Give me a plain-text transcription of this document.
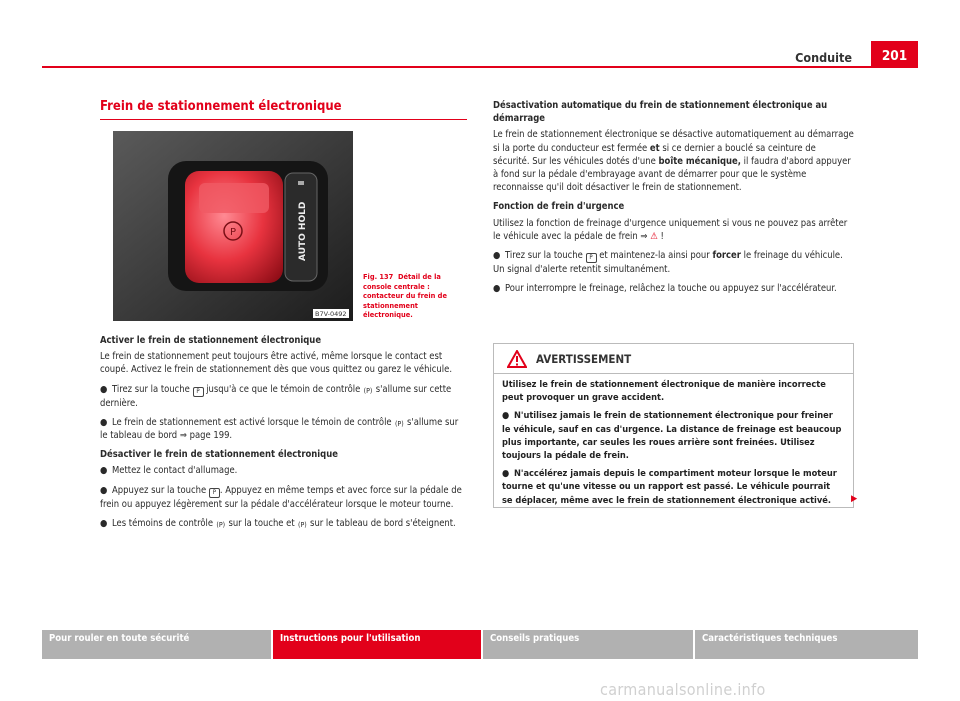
Conduite	201
Frein de stationnement électronique
P	AUTO HOLD
B7V-0492
Fig. 137 Détail de la console centrale : contacteur du frein de stationnement électronique.

Activer le frein de stationnement électronique

Le frein de stationnement peut toujours être activé, même lorsque le contact est coupé. Activez le frein de stationnement dès que vous quittez ou garez le véhicule.

● Tirez sur la touche P jusqu'à ce que le témoin de contrôle (P) s'allume sur cette dernière.

● Le frein de stationnement est activé lorsque le témoin de contrôle (P) s'allume sur le tableau de bord ⇒ page 199.

Désactiver le frein de stationnement électronique

● Mettez le contact d'allumage.

● Appuyez sur la touche P . Appuyez en même temps et avec force sur la pédale de frein ou appuyez légèrement sur la pédale d'accélérateur lorsque le moteur tourne.

● Les témoins de contrôle (P) sur la touche et (P) sur le tableau de bord s'éteignent.

Désactivation automatique du frein de stationnement électronique au démarrage

Le frein de stationnement électronique se désactive automatiquement au démarrage si la porte du conducteur est fermée et si ce dernier a bouclé sa ceinture de sécurité. Sur les véhicules dotés d'une boîte mécanique, il faudra d'abord appuyer à fond sur la pédale d'embrayage avant de démarrer pour que le système reconnaisse qu'il doit désactiver le frein de stationnement.

Fonction de frein d'urgence

Utilisez la fonction de freinage d'urgence uniquement si vous ne pouvez pas arrêter le véhicule avec la pédale de frein ⇒ ⚠ !

● Tirez sur la touche P et maintenez-la ainsi pour forcer le freinage du véhicule. Un signal d'alerte retentit simultanément.

● Pour interrompre le freinage, relâchez la touche ou appuyez sur l'accélérateur.

AVERTISSEMENT

Utilisez le frein de stationnement électronique de manière incorrecte peut provoquer un grave accident.

● N'utilisez jamais le frein de stationnement électronique pour freiner le véhicule, sauf en cas d'urgence. La distance de freinage est beaucoup plus importante, car seules les roues arrière sont freinées. Utilisez toujours la pédale de frein.

● N'accélérez jamais depuis le compartiment moteur lorsque le moteur tourne et qu'une vitesse ou un rapport est passé. Le véhicule pourrait se déplacer, même avec le frein de stationnement électronique activé.	▶
Pour rouler en toute sécurité	Instructions pour l'utilisation	Conseils pratiques	Caractéristiques techniques
carmanualsonline.info
